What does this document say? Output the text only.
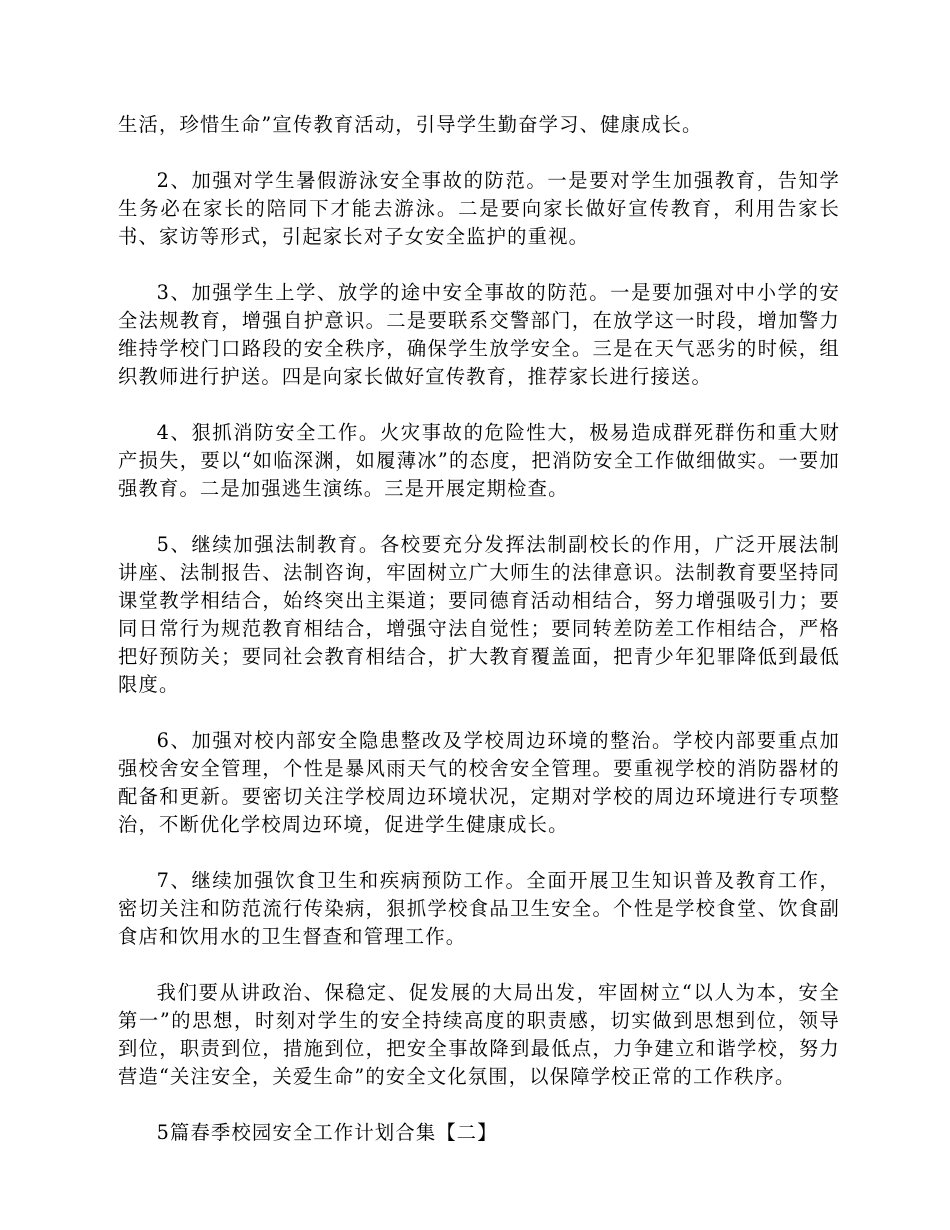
生活，珍惜生命”宣传教育活动，引导学生勤奋学习、健康成长。

2、加强对学生暑假游泳安全事故的防范。一是要对学生加强教育，告知学生务必在家长的陪同下才能去游泳。二是要向家长做好宣传教育，利用告家长书、家访等形式，引起家长对子女安全监护的重视。

3、加强学生上学、放学的途中安全事故的防范。一是要加强对中小学的安全法规教育，增强自护意识。二是要联系交警部门，在放学这一时段，增加警力维持学校门口路段的安全秩序，确保学生放学安全。三是在天气恶劣的时候，组织教师进行护送。四是向家长做好宣传教育，推荐家长进行接送。

4、狠抓消防安全工作。火灾事故的危险性大，极易造成群死群伤和重大财产损失，要以“如临深渊，如履薄冰”的态度，把消防安全工作做细做实。一要加强教育。二是加强逃生演练。三是开展定期检查。

5、继续加强法制教育。各校要充分发挥法制副校长的作用，广泛开展法制讲座、法制报告、法制咨询，牢固树立广大师生的法律意识。法制教育要坚持同课堂教学相结合，始终突出主渠道；要同德育活动相结合，努力增强吸引力；要同日常行为规范教育相结合，增强守法自觉性；要同转差防差工作相结合，严格把好预防关；要同社会教育相结合，扩大教育覆盖面，把青少年犯罪降低到最低限度。

6、加强对校内部安全隐患整改及学校周边环境的整治。学校内部要重点加强校舍安全管理，个性是暴风雨天气的校舍安全管理。要重视学校的消防器材的配备和更新。要密切关注学校周边环境状况，定期对学校的周边环境进行专项整治，不断优化学校周边环境，促进学生健康成长。

7、继续加强饮食卫生和疾病预防工作。全面开展卫生知识普及教育工作，密切关注和防范流行传染病，狠抓学校食品卫生安全。个性是学校食堂、饮食副食店和饮用水的卫生督查和管理工作。

我们要从讲政治、保稳定、促发展的大局出发，牢固树立“以人为本，安全第一”的思想，时刻对学生的安全持续高度的职责感，切实做到思想到位，领导到位，职责到位，措施到位，把安全事故降到最低点，力争建立和谐学校，努力营造“关注安全，关爱生命”的安全文化氛围，以保障学校正常的工作秩序。

5篇春季校园安全工作计划合集【二】
